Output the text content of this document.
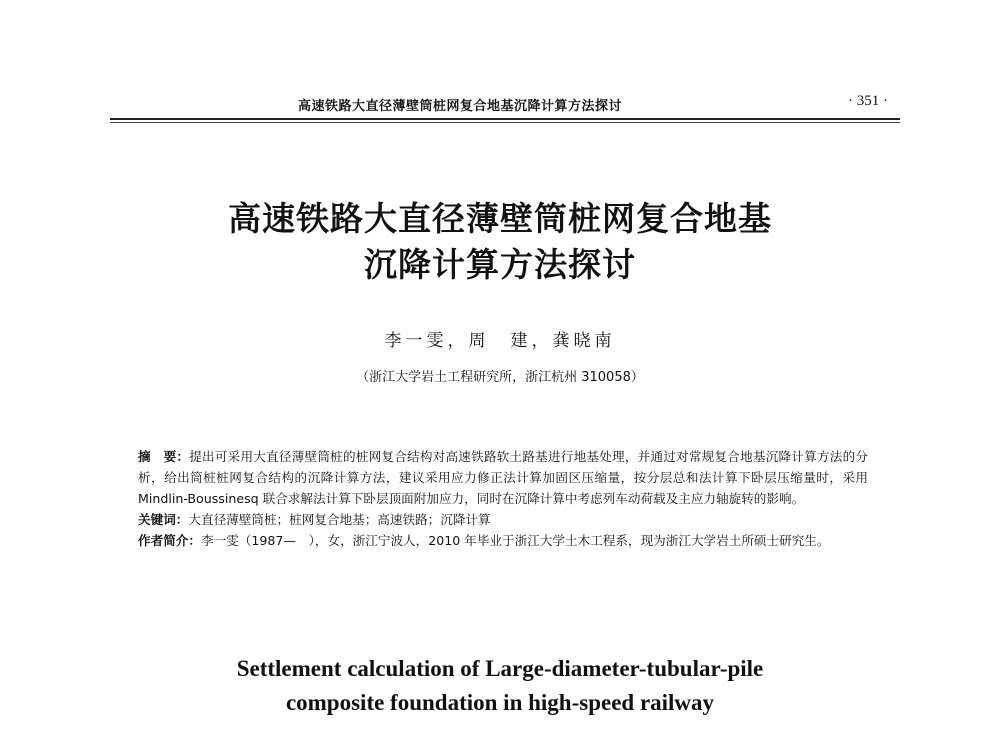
高速铁路大直径薄壁筒桩网复合地基沉降计算方法探讨	· 351 ·
高速铁路大直径薄壁筒桩网复合地基
沉降计算方法探讨
李一雯，周　建，龚晓南
（浙江大学岩土工程研究所，浙江杭州 310058）

摘　要：提出可采用大直径薄壁筒桩的桩网复合结构对高速铁路软土路基进行地基处理，并通过对常规复合地基沉降计算方法的分析，给出筒桩桩网复合结构的沉降计算方法，建议采用应力修正法计算加固区压缩量，按分层总和法计算下卧层压缩量时，采用 Mindlin-Boussinesq 联合求解法计算下卧层顶面附加应力，同时在沉降计算中考虑列车动荷载及主应力轴旋转的影响。

关键词：大直径薄壁筒桩；桩网复合地基；高速铁路；沉降计算

作者简介：李一雯（1987—　），女，浙江宁波人，2010 年毕业于浙江大学土木工程系，现为浙江大学岩土所硕士研究生。

Settlement calculation of Large-diameter-tubular-pile
composite foundation in high-speed railway
